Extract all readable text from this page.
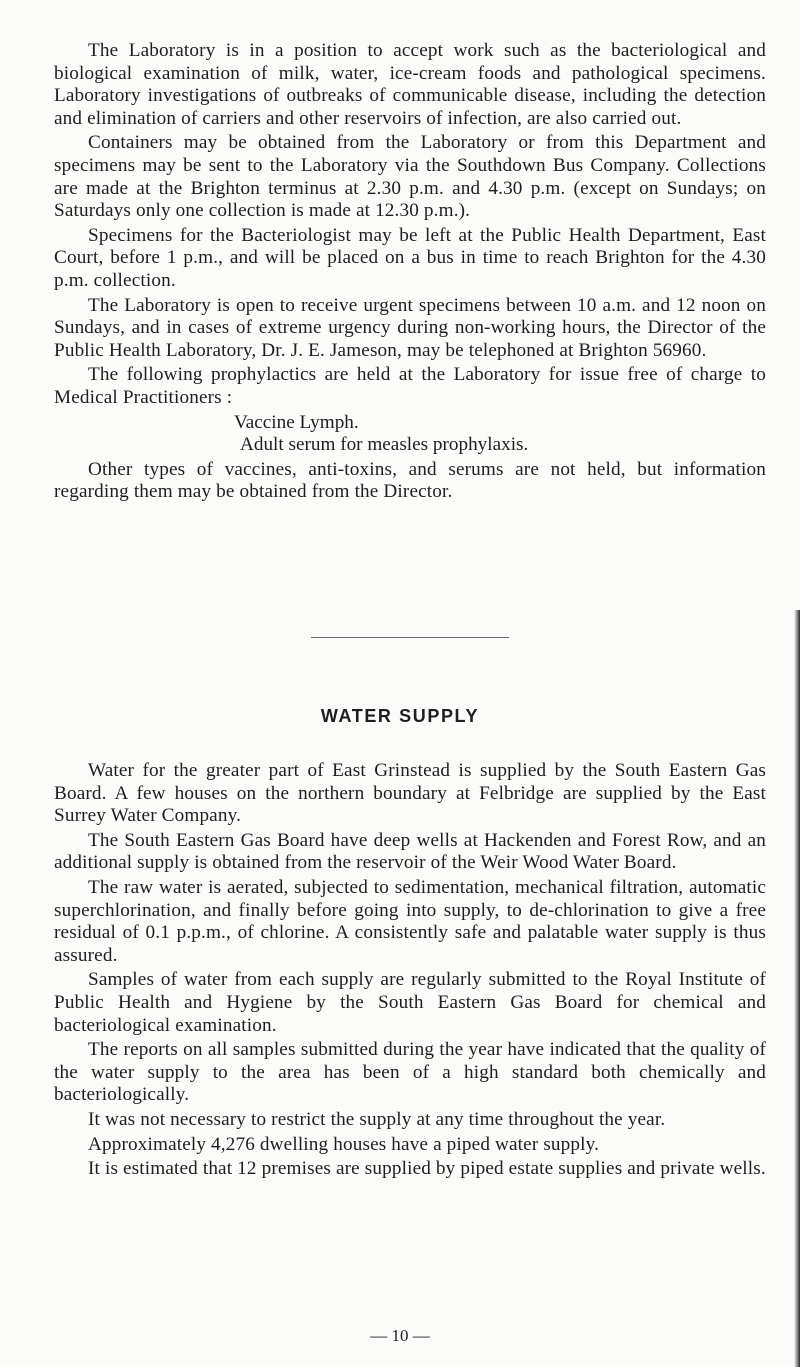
The Laboratory is in a position to accept work such as the bacteriological and biological examination of milk, water, ice-cream foods and pathological specimens. Laboratory investigations of outbreaks of communicable disease, including the detection and elimination of carriers and other reservoirs of infection, are also carried out.

Containers may be obtained from the Laboratory or from this Department and specimens may be sent to the Laboratory via the Southdown Bus Company. Collections are made at the Brighton terminus at 2.30 p.m. and 4.30 p.m. (except on Sundays; on Saturdays only one collection is made at 12.30 p.m.).

Specimens for the Bacteriologist may be left at the Public Health Department, East Court, before 1 p.m., and will be placed on a bus in time to reach Brighton for the 4.30 p.m. collection.

The Laboratory is open to receive urgent specimens between 10 a.m. and 12 noon on Sundays, and in cases of extreme urgency during non-working hours, the Director of the Public Health Laboratory, Dr. J. E. Jameson, may be telephoned at Brighton 56960.

The following prophylactics are held at the Laboratory for issue free of charge to Medical Practitioners :

Vaccine Lymph.
Adult serum for measles prophylaxis.

Other types of vaccines, anti-toxins, and serums are not held, but information regarding them may be obtained from the Director.

WATER SUPPLY

Water for the greater part of East Grinstead is supplied by the South Eastern Gas Board. A few houses on the northern boundary at Felbridge are supplied by the East Surrey Water Company.

The South Eastern Gas Board have deep wells at Hackenden and Forest Row, and an additional supply is obtained from the reservoir of the Weir Wood Water Board.

The raw water is aerated, subjected to sedimentation, mechanical filtration, automatic superchlorination, and finally before going into supply, to de-chlorination to give a free residual of 0.1 p.p.m., of chlorine. A consistently safe and palatable water supply is thus assured.

Samples of water from each supply are regularly submitted to the Royal Institute of Public Health and Hygiene by the South Eastern Gas Board for chemical and bacteriological examination.

The reports on all samples submitted during the year have indicated that the quality of the water supply to the area has been of a high standard both chemically and bacteriologically.

It was not necessary to restrict the supply at any time throughout the year.

Approximately 4,276 dwelling houses have a piped water supply.

It is estimated that 12 premises are supplied by piped estate supplies and private wells.

— 10 —
